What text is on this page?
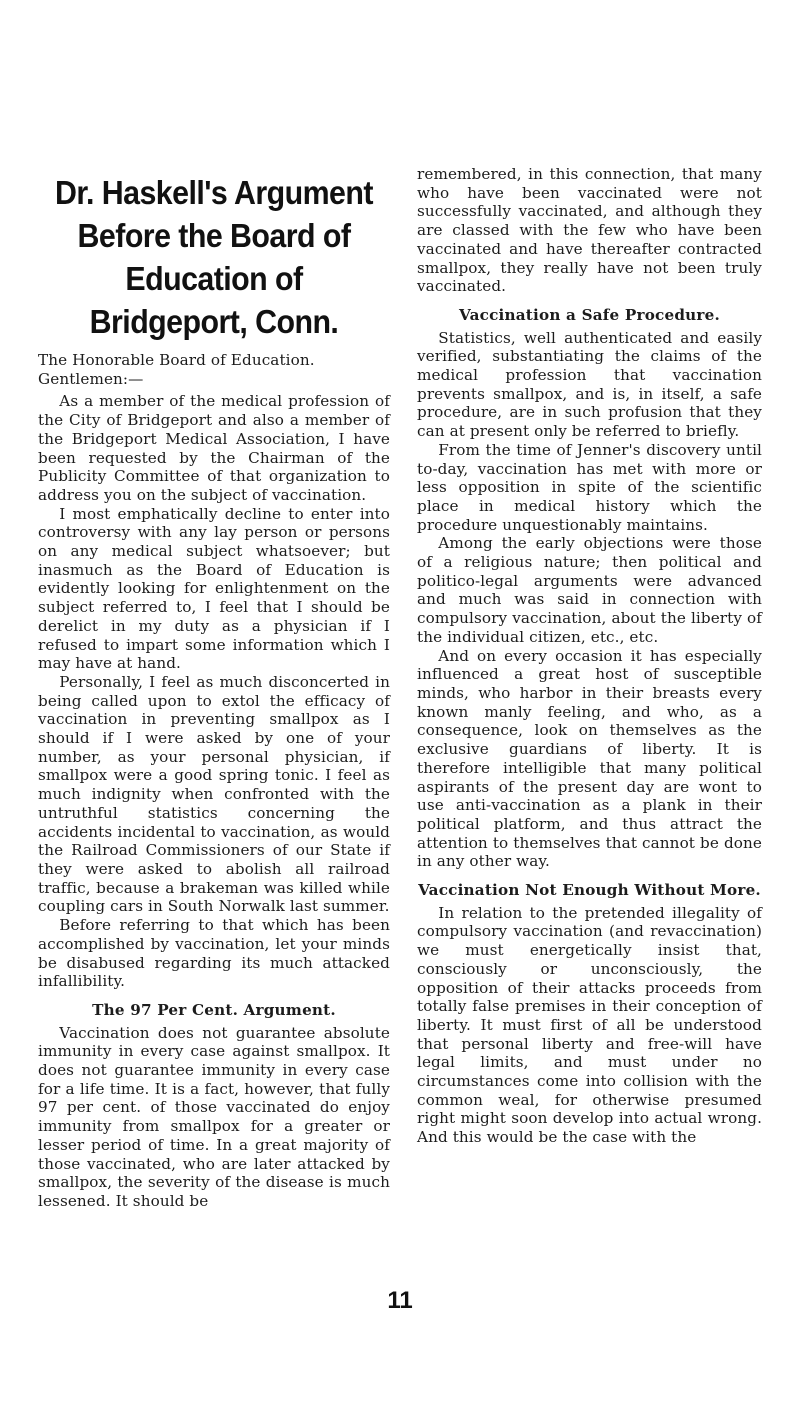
Dr. Haskell's Argument Before the Board of Education of Bridgeport, Conn.

The Honorable Board of Education.

Gentlemen:—

As a member of the medical profession of the City of Bridgeport and also a member of the Bridgeport Medical Association, I have been requested by the Chairman of the Publicity Committee of that organization to address you on the subject of vaccination.

I most emphatically decline to enter into controversy with any lay person or persons on any medical subject whatsoever; but inasmuch as the Board of Education is evidently looking for enlightenment on the subject referred to, I feel that I should be derelict in my duty as a physician if I refused to impart some information which I may have at hand.

Personally, I feel as much disconcerted in being called upon to extol the efficacy of vaccination in preventing smallpox as I should if I were asked by one of your number, as your personal physician, if smallpox were a good spring tonic. I feel as much indignity when confronted with the untruthful statistics concerning the accidents incidental to vaccination, as would the Railroad Commissioners of our State if they were asked to abolish all railroad traffic, because a brakeman was killed while coupling cars in South Norwalk last summer.

Before referring to that which has been accomplished by vaccination, let your minds be disabused regarding its much attacked infallibility.

The 97 Per Cent. Argument.

Vaccination does not guarantee absolute immunity in every case against smallpox. It does not guarantee immunity in every case for a life time. It is a fact, however, that fully 97 per cent. of those vaccinated do enjoy immunity from smallpox for a greater or lesser period of time. In a great majority of those vaccinated, who are later attacked by smallpox, the severity of the disease is much lessened. It should be

remembered, in this connection, that many who have been vaccinated were not successfully vaccinated, and although they are classed with the few who have been vaccinated and have thereafter contracted smallpox, they really have not been truly vaccinated.

Vaccination a Safe Procedure.

Statistics, well authenticated and easily verified, substantiating the claims of the medical profession that vaccination prevents smallpox, and is, in itself, a safe procedure, are in such profusion that they can at present only be referred to briefly.

From the time of Jenner's discovery until to-day, vaccination has met with more or less opposition in spite of the scientific place in medical history which the procedure unquestionably maintains.

Among the early objections were those of a religious nature; then political and politico-legal arguments were advanced and much was said in connection with compulsory vaccination, about the liberty of the individual citizen, etc., etc.

And on every occasion it has especially influenced a great host of susceptible minds, who harbor in their breasts every known manly feeling, and who, as a consequence, look on themselves as the exclusive guardians of liberty. It is therefore intelligible that many political aspirants of the present day are wont to use anti-vaccination as a plank in their political platform, and thus attract the attention to themselves that cannot be done in any other way.

Vaccination Not Enough Without More.

In relation to the pretended illegality of compulsory vaccination (and revaccination) we must energetically insist that, consciously or unconsciously, the opposition of their attacks proceeds from totally false premises in their conception of liberty. It must first of all be understood that personal liberty and free-will have legal limits, and must under no circumstances come into collision with the common weal, for otherwise presumed right might soon develop into actual wrong. And this would be the case with the

11
